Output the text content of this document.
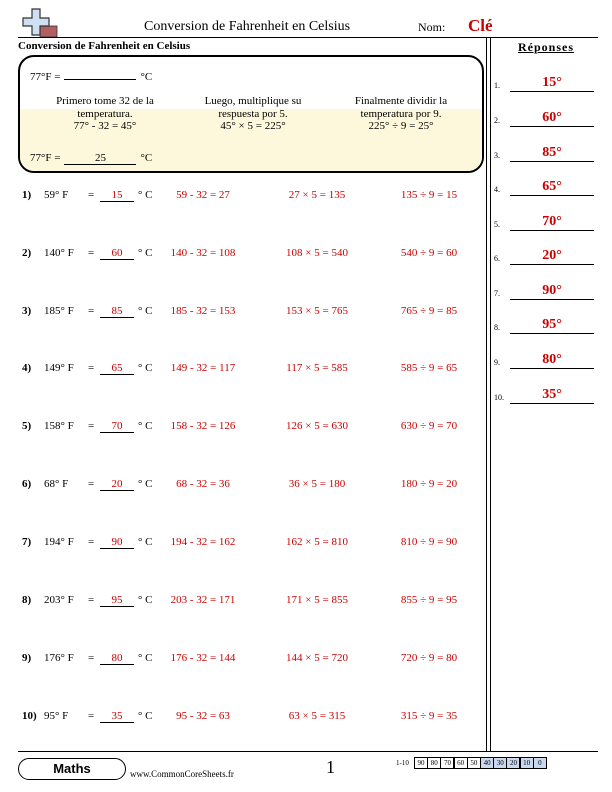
Conversion de Fahrenheit en Celsius	Nom: Clé
Conversion de Fahrenheit en Celsius
77°F =	°C
Primero tome 32 de la
temperatura.
77° - 32 = 45°
Luego, multiplique su
respuesta por 5.
45° × 5 = 225°
Finalmente dividir la
temperatura por 9.
225° ÷ 9 = 25°
77°F =	25	°C
1) 59° F =	15	° C	59 - 32 = 27	27 × 5 = 135	135 ÷ 9 = 15
2) 140° F =	60	° C	140 - 32 = 108	108 × 5 = 540	540 ÷ 9 = 60
3) 185° F =	85	° C	185 - 32 = 153	153 × 5 = 765	765 ÷ 9 = 85
4) 149° F =	65	° C	149 - 32 = 117	117 × 5 = 585	585 ÷ 9 = 65
5) 158° F =	70	° C	158 - 32 = 126	126 × 5 = 630	630 ÷ 9 = 70
6) 68° F =	20	° C	68 - 32 = 36	36 × 5 = 180	180 ÷ 9 = 20
7) 194° F =	90	° C	194 - 32 = 162	162 × 5 = 810	810 ÷ 9 = 90
8) 203° F =	95	° C	203 - 32 = 171	171 × 5 = 855	855 ÷ 9 = 95
9) 176° F =	80	° C	176 - 32 = 144	144 × 5 = 720	720 ÷ 9 = 80
10) 95° F =	35	° C	95 - 32 = 63	63 × 5 = 315	315 ÷ 9 = 35
Réponses
1.	15°
2.	60°
3.	85°
4.	65°
5.	70°
6.	20°
7.	90°
8.	95°
9.	80°
10.	35°
Maths	www.CommonCoreSheets.fr	1	1-10	90 80 70 60 50 40 30 20 10	0
